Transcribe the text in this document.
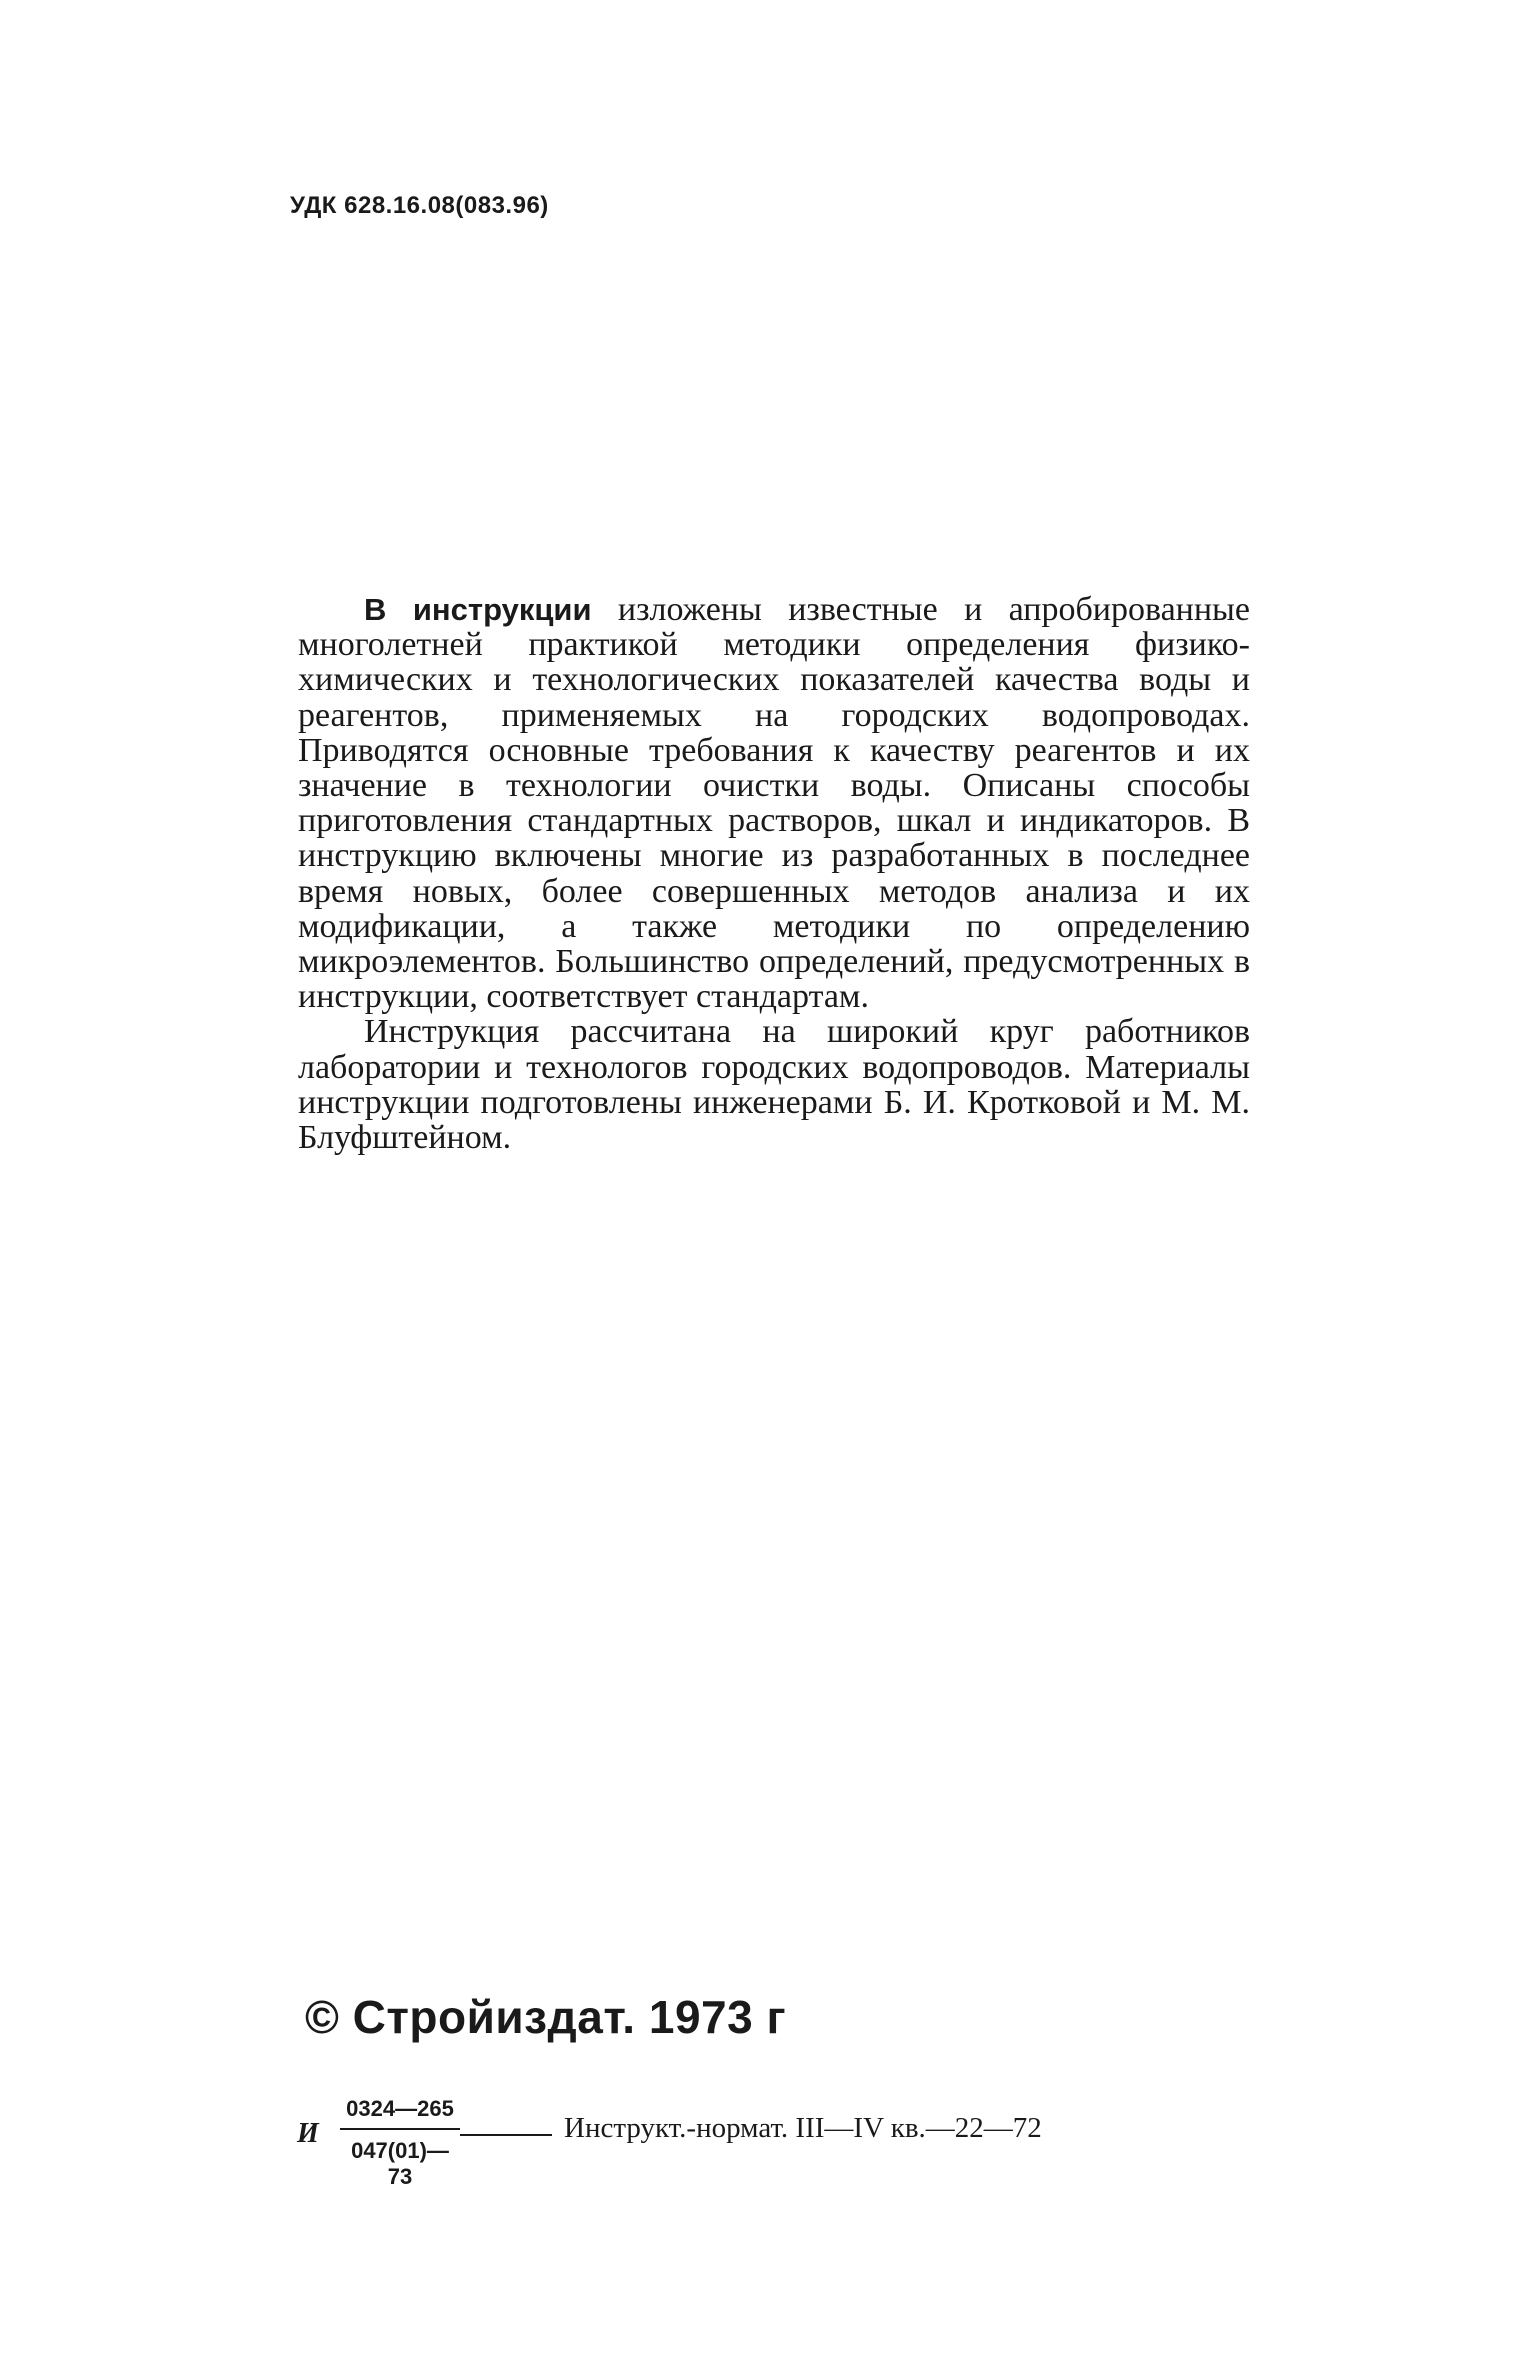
УДК 628.16.08(083.96)

В инструкции изложены известные и апробированные многолетней практикой методики определения физико-химических и технологических показателей качества воды и реагентов, применяемых на городских водопроводах. Приводятся основные требования к качеству реагентов и их значение в технологии очистки воды. Описаны способы приготовления стандартных растворов, шкал и индикаторов. В инструкцию включены многие из разработанных в последнее время новых, более совершенных методов анализа и их модификации, а также методики по определению микроэлементов. Большинство определений, предусмотренных в инструкции, соответствует стандартам.

Инструкция рассчитана на широкий круг работников лаборатории и технологов городских водопроводов. Материалы инструкции подготовлены инженерами Б. И. Кротковой и М. М. Блуфштейном.

© Стройиздат. 1973 г
И
0324—265
047(01)—73
Инструкт.-нормат. III—IV кв.—22—72
